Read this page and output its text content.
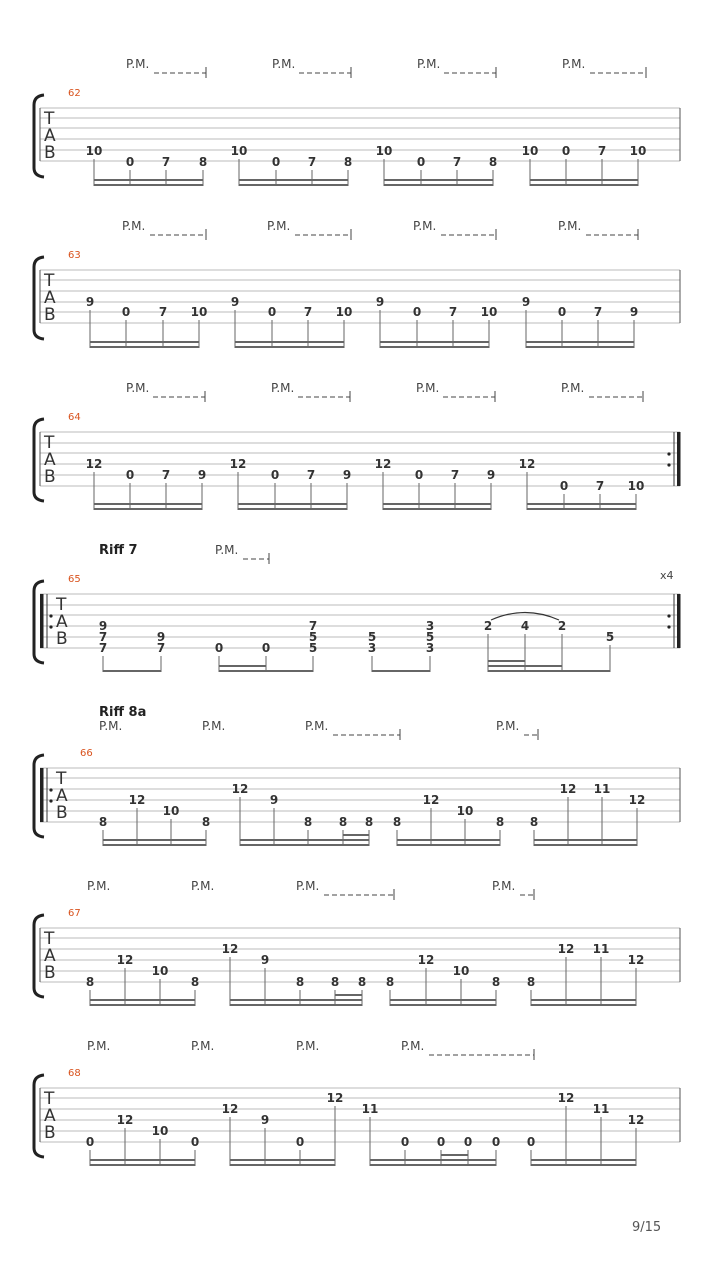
62
T
A
B
P.M.	P.M.	P.M.	P.M.
10
0 7 8
10
0 7 8
10
0 7 8
10 0 7 10
63
T
A
B
P.M.	P.M.	P.M.	P.M.
9
0 7 10
9
0 7 10
9
0 7 10
9
0 7 9
64
T
A
B
P.M.	P.M.	P.M.	P.M.
12
0 7 9
12
0 7 9
12
0 7 9
12
0 7 10
Riff 7	P.M.
x4
65
T
A
B
9
7
7
9
7	0	0
7
5
5
5
3
3
5
3
2 4 2
5
Riff 8a
P.M.	P.M.	P.M.	P.M.
66
T
A
B	8
12
10
8
12
9
8 8 8 8
12
10
8 8
12 11
12
P.M.	P.M.	P.M.	P.M.
67
T
A
B	8
12
10
8
12
9
8 8 8 8
12
10
8 8
12 11
12
P.M.	P.M.	P.M.	P.M.
68
T
A
B	0
12
10
0
12
9
0
12
11
0 0 0 0 0
12
11
12
9/15
